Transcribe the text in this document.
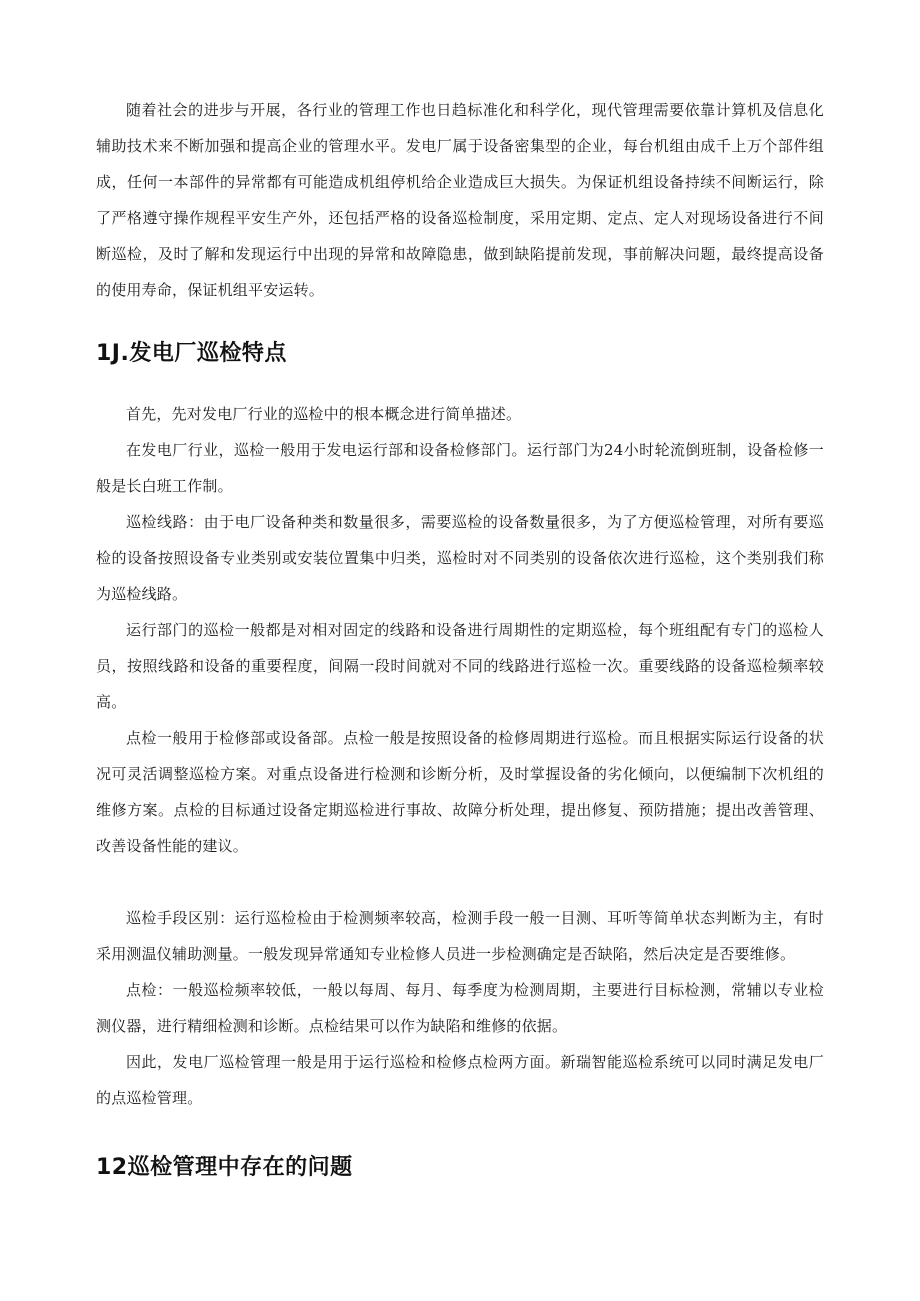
随着社会的进步与开展，各行业的管理工作也日趋标准化和科学化，现代管理需要依靠计算机及信息化辅助技术来不断加强和提高企业的管理水平。发电厂属于设备密集型的企业，每台机组由成千上万个部件组成，任何一本部件的异常都有可能造成机组停机给企业造成巨大损失。为保证机组设备持续不间断运行，除了严格遵守操作规程平安生产外，还包括严格的设备巡检制度，采用定期、定点、定人对现场设备进行不间断巡检，及时了解和发现运行中出现的异常和故障隐患，做到缺陷提前发现，事前解决问题，最终提高设备的使用寿命，保证机组平安运转。

1J.发电厂巡检特点

首先，先对发电厂行业的巡检中的根本概念进行简单描述。

在发电厂行业，巡检一般用于发电运行部和设备检修部门。运行部门为24小时轮流倒班制，设备检修一般是长白班工作制。

巡检线路：由于电厂设备种类和数量很多，需要巡检的设备数量很多，为了方便巡检管理，对所有要巡检的设备按照设备专业类别或安装位置集中归类，巡检时对不同类别的设备依次进行巡检，这个类别我们称为巡检线路。

运行部门的巡检一般都是对相对固定的线路和设备进行周期性的定期巡检，每个班组配有专门的巡检人员，按照线路和设备的重要程度，间隔一段时间就对不同的线路进行巡检一次。重要线路的设备巡检频率较高。

点检一般用于检修部或设备部。点检一般是按照设备的检修周期进行巡检。而且根据实际运行设备的状况可灵活调整巡检方案。对重点设备进行检测和诊断分析，及时掌握设备的劣化倾向，以便编制下次机组的维修方案。点检的目标通过设备定期巡检进行事故、故障分析处理，提出修复、预防措施；提出改善管理、改善设备性能的建议。

巡检手段区别：运行巡检检由于检测频率较高，检测手段一般一目测、耳听等简单状态判断为主，有时采用测温仪辅助测量。一般发现异常通知专业检修人员进一步检测确定是否缺陷，然后决定是否要维修。

点检：一般巡检频率较低，一般以每周、每月、每季度为检测周期，主要进行目标检测，常辅以专业检测仪器，进行精细检测和诊断。点检结果可以作为缺陷和维修的依据。

因此，发电厂巡检管理一般是用于运行巡检和检修点检两方面。新瑞智能巡检系统可以同时满足发电厂的点巡检管理。

12巡检管理中存在的问题
